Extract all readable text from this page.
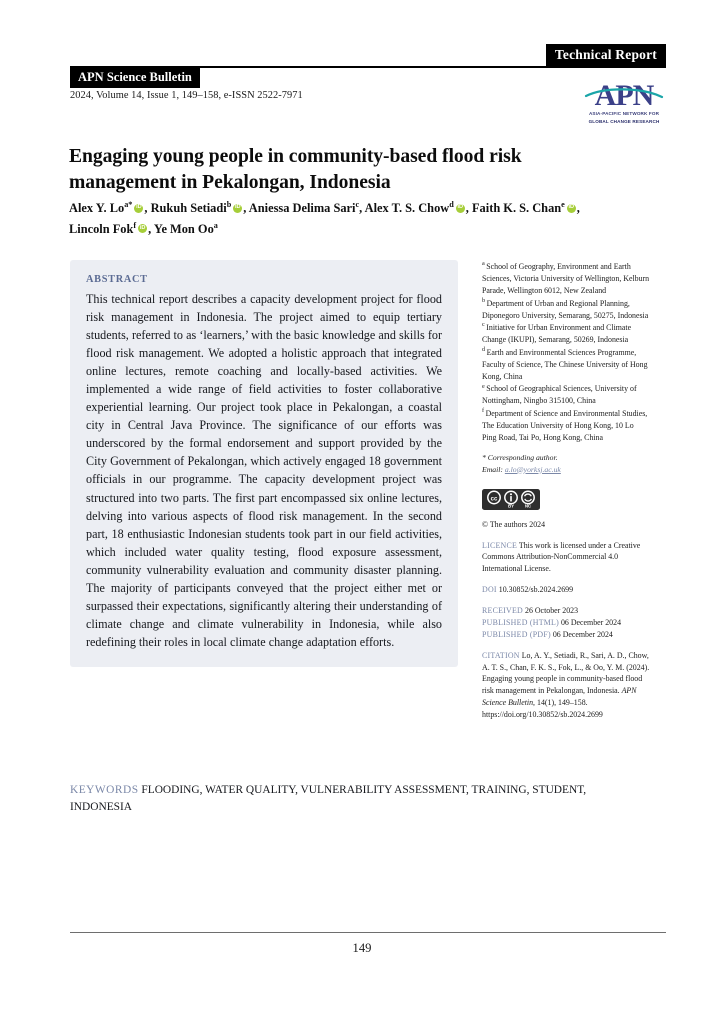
Technical Report
APN Science Bulletin
2024, Volume 14, Issue 1, 149–158, e-ISSN 2522-7971	APN
ASIA-PACIFIC NETWORK FOR
GLOBAL CHANGE RESEARCH
Engaging young people in community-based flood risk management in Pekalongan, Indonesia
Alex Y. $Lo^{a*}$ iD , Rukuh Setiadi$^b$ iD , Aniessa Delima Sari$^c$, Alex T. S. Chow$^d$ iD , Faith K. S. Chan$^e$ iD , Lincoln Fok$^f$ iD , Ye Mon Oo$^a$
ABSTRACT
This technical report describes a capacity development project for flood risk management in Indonesia. The project aimed to equip tertiary students, referred to as ‘learners,’ with the basic knowledge and skills for flood risk management. We adopted a holistic approach that integrated online lectures, remote coaching and locally-based activities. We implemented a wide range of field activities to foster collaborative experiential learning. Our project took place in Pekalongan, a coastal city in Central Java Province. The significance of our efforts was underscored by the formal endorsement and support provided by the City Government of Pekalongan, which actively engaged 18 government officials in our programme. The capacity development project was structured into two parts. The first part encompassed six online lectures, delving into various aspects of flood risk management. In the second part, 18 enthusiastic Indonesian students took part in our field activities, which included water quality testing, flood exposure assessment, community vulnerability evaluation and community disaster planning. The majority of participants conveyed that the project either met or surpassed their expectations, significantly altering their understanding of climate change and climate vulnerability in Indonesia, while also redefining their roles in local climate change adaptation efforts.
$^a$ School of Geography, Environment and Earth Sciences, Victoria University of Wellington, Kelburn Parade, Wellington 6012, New Zealand
$^b$ Department of Urban and Regional Planning, Diponegoro University, Semarang, 50275, Indonesia
$^c$ Initiative for Urban Environment and Climate Change (IKUPI), Semarang, 50269, Indonesia
$^d$ Earth and Environmental Sciences Programme, Faculty of Science, The Chinese University of Hong Kong, China
$^e$ School of Geographical Sciences, University of Nottingham, Ningbo 315100, China
$^f$ Department of Science and Environmental Studies, The Education University of Hong Kong, 10 Lo Ping Road, Tai Po, Hong Kong, China
* Corresponding author.
Email: a.lo@yorksj.ac.uk
cc
BY NC
© The authors 2024
LICENCE This work is licensed under a Creative Commons Attribution-NonCommercial 4.0 International License.
DOI 10.30852/sb.2024.2699
RECEIVED 26 October 2023
PUBLISHED (HTML) 06 December 2024
PUBLISHED (PDF) 06 December 2024
CITATION Lo, A. Y., Setiadi, R., Sari, A. D., Chow, A. T. S., Chan, F. K. S., Fok, L., & Oo, Y. M. (2024). Engaging young people in community-based flood risk management in Pekalongan, Indonesia. APN Science Bulletin, 14(1), 149–158.
https://doi.org/10.30852/sb.2024.2699
KEYWORDS FLOODING, WATER QUALITY, VULNERABILITY ASSESSMENT, TRAINING, STUDENT, INDONESIA
149
